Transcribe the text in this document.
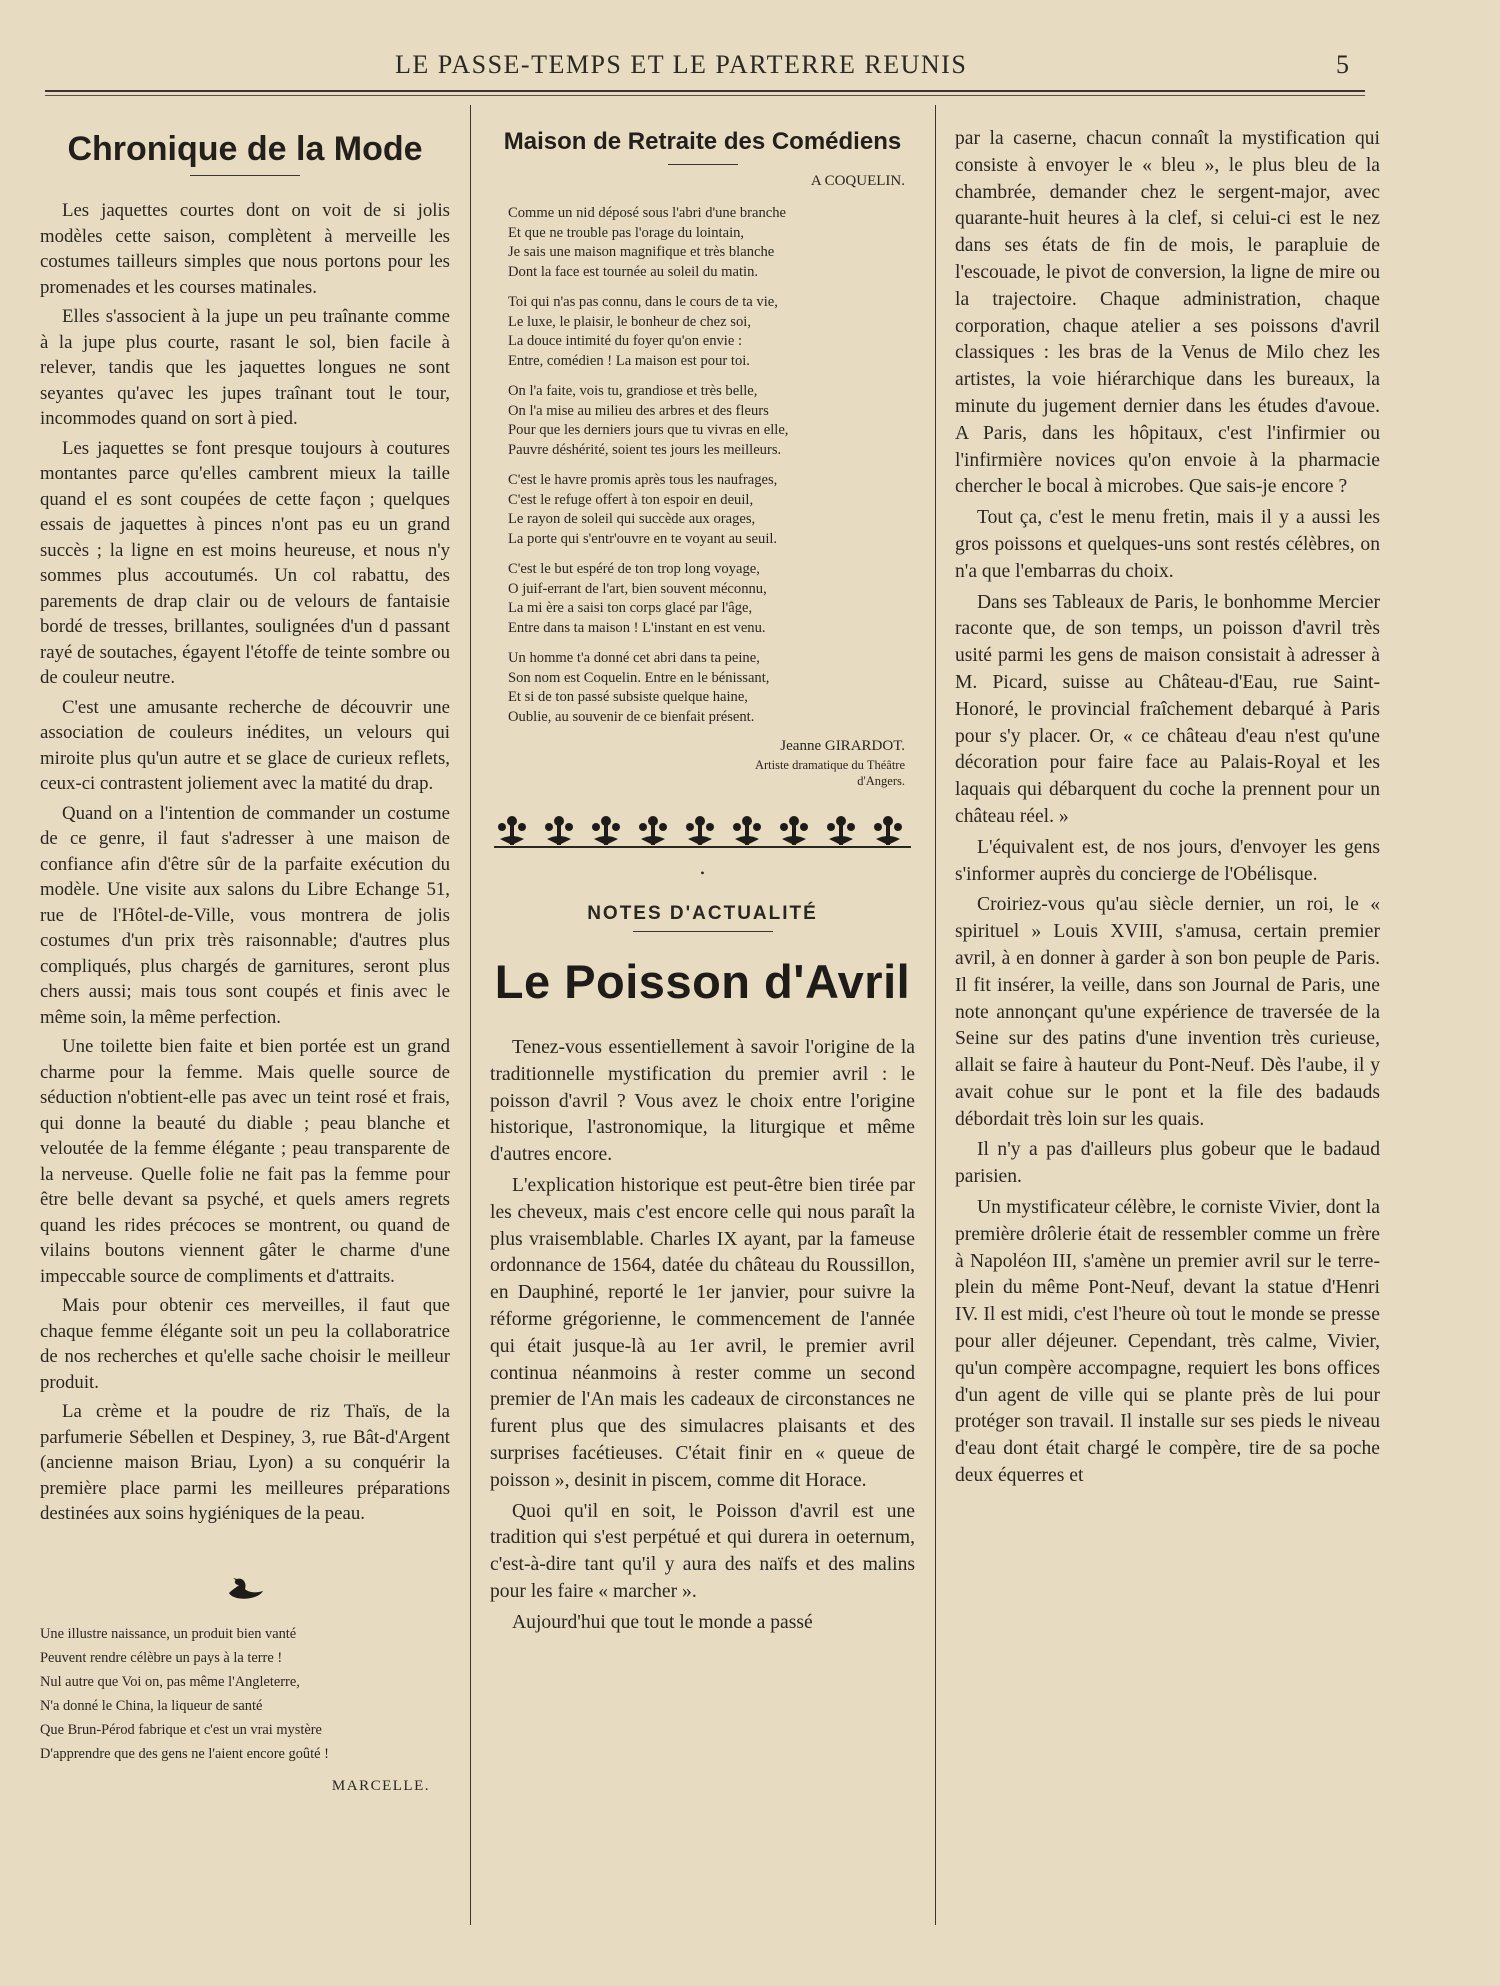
LE PASSE-TEMPS ET LE PARTERRE REUNIS	5
Chronique de la Mode

Les jaquettes courtes dont on voit de si jolis modèles cette saison, complètent à merveille les costumes tailleurs simples que nous portons pour les promenades et les courses matinales.

Elles s'associent à la jupe un peu traînante comme à la jupe plus courte, rasant le sol, bien facile à relever, tandis que les jaquettes longues ne sont seyantes qu'avec les jupes traînant tout le tour, incommodes quand on sort à pied.

Les jaquettes se font presque toujours à coutures montantes parce qu'elles cambrent mieux la taille quand el es sont coupées de cette façon ; quelques essais de jaquettes à pinces n'ont pas eu un grand succès ; la ligne en est moins heureuse, et nous n'y sommes plus accoutumés. Un col rabattu, des parements de drap clair ou de velours de fantaisie bordé de tresses, brillantes, soulignées d'un d passant rayé de soutaches, égayent l'étoffe de teinte sombre ou de couleur neutre.

C'est une amusante recherche de découvrir une association de couleurs inédites, un velours qui miroite plus qu'un autre et se glace de curieux reflets, ceux-ci contrastent joliement avec la matité du drap.

Quand on a l'intention de commander un costume de ce genre, il faut s'adresser à une maison de confiance afin d'être sûr de la parfaite exécution du modèle. Une visite aux salons du Libre Echange 51, rue de l'Hôtel-de-Ville, vous montrera de jolis costumes d'un prix très raisonnable; d'autres plus compliqués, plus chargés de garnitures, seront plus chers aussi; mais tous sont coupés et finis avec le même soin, la même perfection.

Une toilette bien faite et bien portée est un grand charme pour la femme. Mais quelle source de séduction n'obtient-elle pas avec un teint rosé et frais, qui donne la beauté du diable ; peau blanche et veloutée de la femme élégante ; peau transparente de la nerveuse. Quelle folie ne fait pas la femme pour être belle devant sa psyché, et quels amers regrets quand les rides précoces se montrent, ou quand de vilains boutons viennent gâter le charme d'une impeccable source de compliments et d'attraits.

Mais pour obtenir ces merveilles, il faut que chaque femme élégante soit un peu la collaboratrice de nos recherches et qu'elle sache choisir le meilleur produit.

La crème et la poudre de riz Thaïs, de la parfumerie Sébellen et Despiney, 3, rue Bât-d'Argent (ancienne maison Briau, Lyon) a su conquérir la première place parmi les meilleures préparations destinées aux soins hygiéniques de la peau.

Une illustre naissance, un produit bien vanté
Peuvent rendre célèbre un pays à la terre !
Nul autre que Voi on, pas même l'Angleterre,
N'a donné le China, la liqueur de santé
Que Brun-Pérod fabrique et c'est un vrai mystère
D'apprendre que des gens ne l'aient encore goûté !
MARCELLE.
Maison de Retraite des Comédiens
A COQUELIN.
Comme un nid déposé sous l'abri d'une branche
Et que ne trouble pas l'orage du lointain,
Je sais une maison magnifique et très blanche
Dont la face est tournée au soleil du matin.
Toi qui n'as pas connu, dans le cours de ta vie,
Le luxe, le plaisir, le bonheur de chez soi,
La douce intimité du foyer qu'on envie :
Entre, comédien ! La maison est pour toi.
On l'a faite, vois tu, grandiose et très belle,
On l'a mise au milieu des arbres et des fleurs
Pour que les derniers jours que tu vivras en elle,
Pauvre déshérité, soient tes jours les meilleurs.
C'est le havre promis après tous les naufrages,
C'est le refuge offert à ton espoir en deuil,
Le rayon de soleil qui succède aux orages,
La porte qui s'entr'ouvre en te voyant au seuil.
C'est le but espéré de ton trop long voyage,
O juif-errant de l'art, bien souvent méconnu,
La mi ère a saisi ton corps glacé par l'âge,
Entre dans ta maison ! L'instant en est venu.
Un homme t'a donné cet abri dans ta peine,
Son nom est Coquelin. Entre en le bénissant,
Et si de ton passé subsiste quelque haine,
Oublie, au souvenir de ce bienfait présent.
Jeanne GIRARDOT.
Artiste dramatique du Théâtre
d'Angers.
•
NOTES D'ACTUALITÉ
Le Poisson d'Avril

Tenez-vous essentiellement à savoir l'origine de la traditionnelle mystification du premier avril : le poisson d'avril ? Vous avez le choix entre l'origine historique, l'astronomique, la liturgique et même d'autres encore.

L'explication historique est peut-être bien tirée par les cheveux, mais c'est encore celle qui nous paraît la plus vraisemblable. Charles IX ayant, par la fameuse ordonnance de 1564, datée du château du Roussillon, en Dauphiné, reporté le 1er janvier, pour suivre la réforme grégorienne, le commencement de l'année qui était jusque-là au 1er avril, le premier avril continua néanmoins à rester comme un second premier de l'An mais les cadeaux de circonstances ne furent plus que des simulacres plaisants et des surprises facétieuses. C'était finir en « queue de poisson », desinit in piscem, comme dit Horace.

Quoi qu'il en soit, le Poisson d'avril est une tradition qui s'est perpétué et qui durera in oeternum, c'est-à-dire tant qu'il y aura des naïfs et des malins pour les faire « marcher ».

Aujourd'hui que tout le monde a passé

par la caserne, chacun connaît la mystification qui consiste à envoyer le « bleu », le plus bleu de la chambrée, demander chez le sergent-major, avec quarante-huit heures à la clef, si celui-ci est le nez dans ses états de fin de mois, le parapluie de l'escouade, le pivot de conversion, la ligne de mire ou la trajectoire. Chaque administration, chaque corporation, chaque atelier a ses poissons d'avril classiques : les bras de la Venus de Milo chez les artistes, la voie hiérarchique dans les bureaux, la minute du jugement dernier dans les études d'avoue. A Paris, dans les hôpitaux, c'est l'infirmier ou l'infirmière novices qu'on envoie à la pharmacie chercher le bocal à microbes. Que sais-je encore ?

Tout ça, c'est le menu fretin, mais il y a aussi les gros poissons et quelques-uns sont restés célèbres, on n'a que l'embarras du choix.

Dans ses Tableaux de Paris, le bonhomme Mercier raconte que, de son temps, un poisson d'avril très usité parmi les gens de maison consistait à adresser à M. Picard, suisse au Château-d'Eau, rue Saint-Honoré, le provincial fraîchement debarqué à Paris pour s'y placer. Or, « ce château d'eau n'est qu'une décoration pour faire face au Palais-Royal et les laquais qui débarquent du coche la prennent pour un château réel. »

L'équivalent est, de nos jours, d'envoyer les gens s'informer auprès du concierge de l'Obélisque.

Croiriez-vous qu'au siècle dernier, un roi, le « spirituel » Louis XVIII, s'amusa, certain premier avril, à en donner à garder à son bon peuple de Paris. Il fit insérer, la veille, dans son Journal de Paris, une note annonçant qu'une expérience de traversée de la Seine sur des patins d'une invention très curieuse, allait se faire à hauteur du Pont-Neuf. Dès l'aube, il y avait cohue sur le pont et la file des badauds débordait très loin sur les quais.

Il n'y a pas d'ailleurs plus gobeur que le badaud parisien.

Un mystificateur célèbre, le corniste Vivier, dont la première drôlerie était de ressembler comme un frère à Napoléon III, s'amène un premier avril sur le terre-plein du même Pont-Neuf, devant la statue d'Henri IV. Il est midi, c'est l'heure où tout le monde se presse pour aller déjeuner. Cependant, très calme, Vivier, qu'un compère accompagne, requiert les bons offices d'un agent de ville qui se plante près de lui pour protéger son travail. Il installe sur ses pieds le niveau d'eau dont était chargé le compère, tire de sa poche deux équerres et
